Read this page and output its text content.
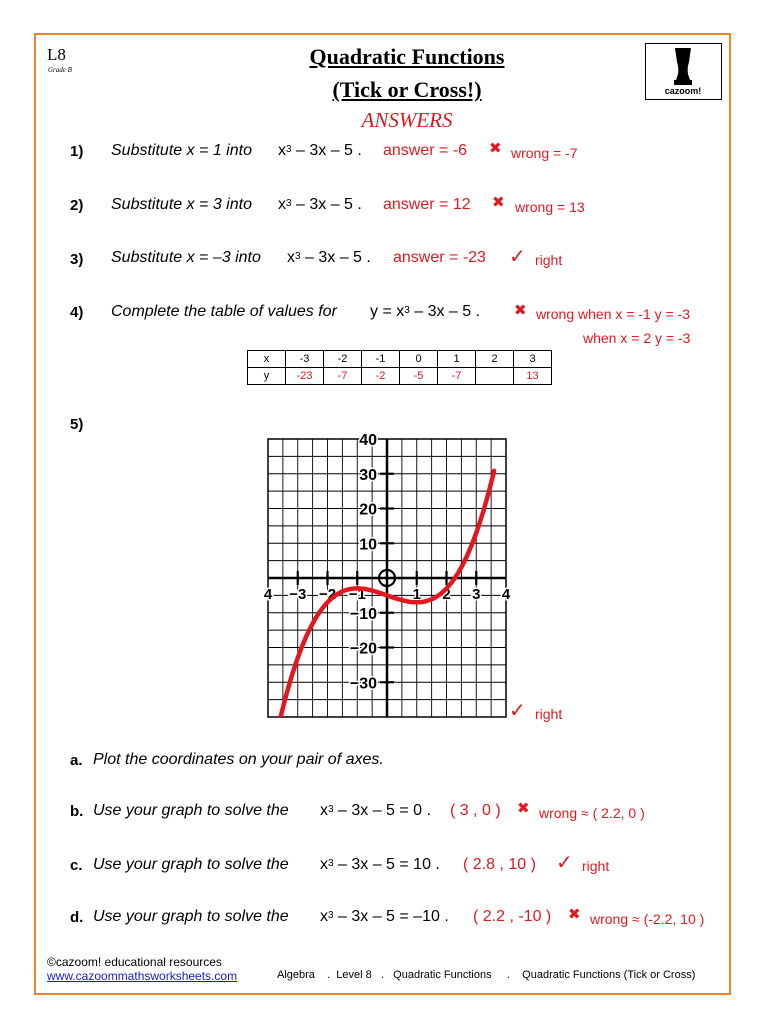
L8
Grade B
Quadratic Functions
(Tick or Cross!)
ANSWERS
cazoom!
1) Substitute x = 1 into $x^3 - 3x - 5$ . answer = -6 ✖ wrong = -7
2) Substitute x = 3 into $x^3 - 3x - 5$ . answer = 12 ✖ wrong = 13
3) Substitute x = –3 into $x^3 - 3x - 5$ . answer = -23 ✓ right
4) Complete the table of values for $y = x^3 - 3x - 5$ . ✖ wrong when x = -1 y = -3
when x = 2 y = -3
x	-3	-2	-1	0	1	2	3
y	-23	-7	-2	-5	-7		13
5)
4 −3 −2 −1	1 2 3 4
40
30
20
10
−10
−20
−30
✓ right
a. Plot the coordinates on your pair of axes.
b. Use your graph to solve the $x^3 - 3x - 5 = 0$ . ( 3 , 0 ) ✖ wrong ≈ ( 2.2, 0 )
c. Use your graph to solve the $x^3 - 3x - 5 = 10$ . ( 2.8 , 10 ) ✓ right
d. Use your graph to solve the $x^3 - 3x - 5 = -10$ . ( 2.2 , -10 ) ✖ wrong ≈ (-2.2, 10 )
©cazoom! educational resources
www.cazoommathsworksheets.com	Algebra    .  Level 8   .   Quadratic Functions     .    Quadratic Functions (Tick or Cross)
